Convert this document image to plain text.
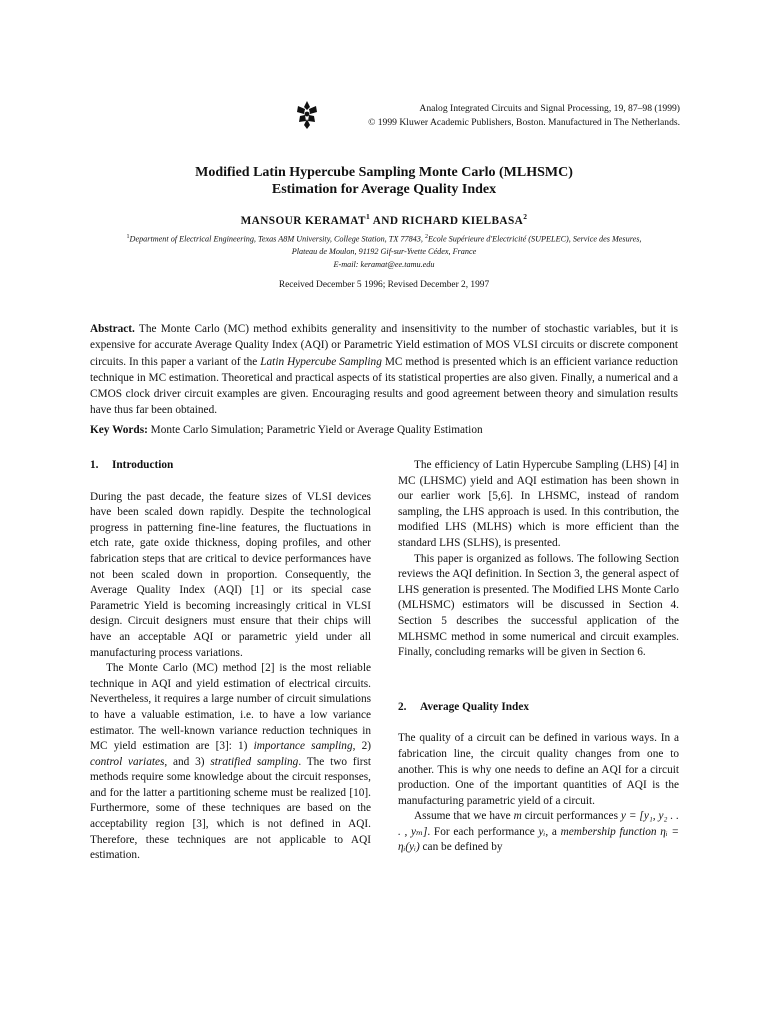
Analog Integrated Circuits and Signal Processing, 19, 87–98 (1999)
© 1999 Kluwer Academic Publishers, Boston. Manufactured in The Netherlands.
Modified Latin Hypercube Sampling Monte Carlo (MLHSMC)
Estimation for Average Quality Index
MANSOUR KERAMAT$^1$ AND RICHARD KIELBASA$^2$
$^1$Department of Electrical Engineering, Texas A8M University, College Station, TX 77843, $^2$Ecole Supérieure d'Electricité (SUPELEC), Service des Mesures,
Plateau de Moulon, 91192 Gif-sur-Yvette Cédex, France
E-mail: keramat@ee.tamu.edu
Received December 5 1996; Revised December 2, 1997
Abstract. The Monte Carlo (MC) method exhibits generality and insensitivity to the number of stochastic variables, but it is expensive for accurate Average Quality Index (AQI) or Parametric Yield estimation of MOS VLSI circuits or discrete component circuits. In this paper a variant of the Latin Hypercube Sampling MC method is presented which is an efficient variance reduction technique in MC estimation. Theoretical and practical aspects of its statistical properties are also given. Finally, a numerical and a CMOS clock driver circuit examples are given. Encouraging results and good agreement between theory and simulation results have thus far been obtained.
Key Words: Monte Carlo Simulation; Parametric Yield or Average Quality Estimation
1. Introduction

During the past decade, the feature sizes of VLSI devices have been scaled down rapidly. Despite the technological progress in patterning fine-line features, the fluctuations in etch rate, gate oxide thickness, doping profiles, and other fabrication steps that are critical to device performances have not been scaled down in proportion. Consequently, the Average Quality Index (AQI) [1] or its special case Parametric Yield is becoming increasingly critical in VLSI design. Circuit designers must ensure that their chips will have an acceptable AQI or parametric yield under all manufacturing process variations.

The Monte Carlo (MC) method [2] is the most reliable technique in AQI and yield estimation of electrical circuits. Nevertheless, it requires a large number of circuit simulations to have a valuable estimation, i.e. to have a low variance estimator. The well-known variance reduction techniques in MC yield estimation are [3]: 1) importance sampling, 2) control variates, and 3) stratified sampling. The two first methods require some knowledge about the circuit responses, and for the latter a partitioning scheme must be realized [10]. Furthermore, some of these techniques are based on the acceptability region [3], which is not defined in AQI. Therefore, these techniques are not applicable to AQI estimation.

The efficiency of Latin Hypercube Sampling (LHS) [4] in MC (LHSMC) yield and AQI estimation has been shown in our earlier work [5,6]. In LHSMC, instead of random sampling, the LHS approach is used. In this contribution, the modified LHS (MLHS) which is more efficient than the standard LHS (SLHS), is presented.

This paper is organized as follows. The following Section reviews the AQI definition. In Section 3, the general aspect of LHS generation is presented. The Modified LHS Monte Carlo (MLHSMC) estimators will be discussed in Section 4. Section 5 describes the successful application of the MLHSMC method in some numerical and circuit examples. Finally, concluding remarks will be given in Section 6.

2. Average Quality Index

The quality of a circuit can be defined in various ways. In a fabrication line, the circuit quality changes from one to another. This is why one needs to define an AQI for a circuit production. One of the important quantities of AQI is the manufacturing parametric yield of a circuit.

Assume that we have m circuit performances y = [y₁, y₂ . . . , yₘ]. For each performance yᵢ, a membership function ηᵢ = ηᵢ(yᵢ) can be defined by
